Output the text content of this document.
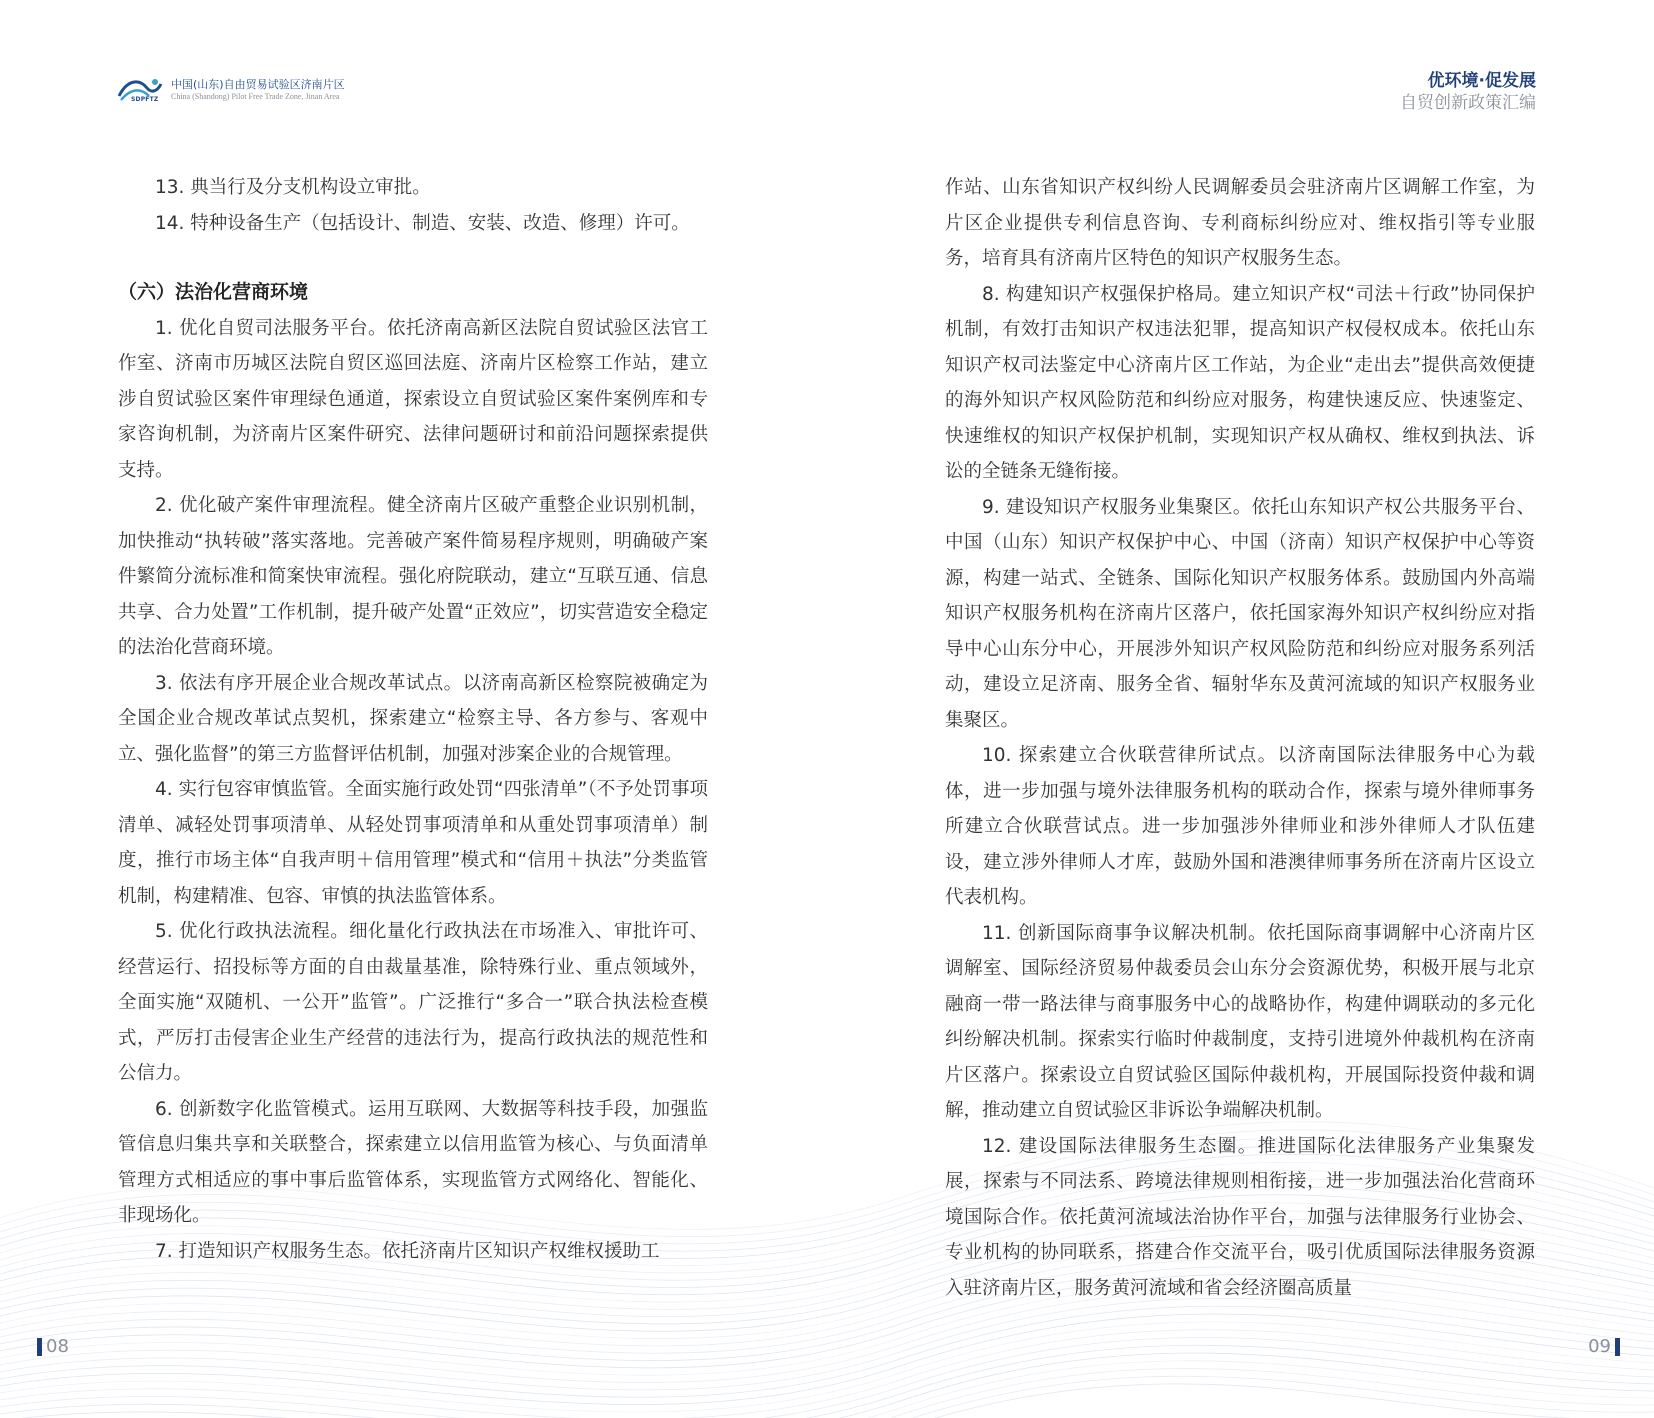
SDPFTZ
中国(山东)自由贸易试验区济南片区
China (Shandong) Pilot Free Trade Zone, Jinan Area
优环境·促发展
自贸创新政策汇编

13. 典当行及分支机构设立审批。

14. 特种设备生产（包括设计、制造、安装、改造、修理）许可。

（六）法治化营商环境

1. 优化自贸司法服务平台。依托济南高新区法院自贸试验区法官工作室、济南市历城区法院自贸区巡回法庭、济南片区检察工作站，建立涉自贸试验区案件审理绿色通道，探索设立自贸试验区案件案例库和专家咨询机制，为济南片区案件研究、法律问题研讨和前沿问题探索提供支持。

2. 优化破产案件审理流程。健全济南片区破产重整企业识别机制，加快推动“执转破”落实落地。完善破产案件简易程序规则，明确破产案件繁简分流标准和简案快审流程。强化府院联动，建立“互联互通、信息共享、合力处置”工作机制，提升破产处置“正效应”，切实营造安全稳定的法治化营商环境。

3. 依法有序开展企业合规改革试点。以济南高新区检察院被确定为全国企业合规改革试点契机，探索建立“检察主导、各方参与、客观中立、强化监督”的第三方监督评估机制，加强对涉案企业的合规管理。

4. 实行包容审慎监管。全面实施行政处罚“四张清单”（不予处罚事项清单、减轻处罚事项清单、从轻处罚事项清单和从重处罚事项清单）制度，推行市场主体“自我声明＋信用管理”模式和“信用＋执法”分类监管机制，构建精准、包容、审慎的执法监管体系。

5. 优化行政执法流程。细化量化行政执法在市场准入、审批许可、经营运行、招投标等方面的自由裁量基准，除特殊行业、重点领域外，全面实施“双随机、一公开”监管”。广泛推行“多合一”联合执法检查模式，严厉打击侵害企业生产经营的违法行为，提高行政执法的规范性和公信力。

6. 创新数字化监管模式。运用互联网、大数据等科技手段，加强监管信息归集共享和关联整合，探索建立以信用监管为核心、与负面清单管理方式相适应的事中事后监管体系，实现监管方式网络化、智能化、非现场化。

7. 打造知识产权服务生态。依托济南片区知识产权维权援助工

作站、山东省知识产权纠纷人民调解委员会驻济南片区调解工作室，为片区企业提供专利信息咨询、专利商标纠纷应对、维权指引等专业服务，培育具有济南片区特色的知识产权服务生态。

8. 构建知识产权强保护格局。建立知识产权“司法＋行政”协同保护机制，有效打击知识产权违法犯罪，提高知识产权侵权成本。依托山东知识产权司法鉴定中心济南片区工作站，为企业“走出去”提供高效便捷的海外知识产权风险防范和纠纷应对服务，构建快速反应、快速鉴定、快速维权的知识产权保护机制，实现知识产权从确权、维权到执法、诉讼的全链条无缝衔接。

9. 建设知识产权服务业集聚区。依托山东知识产权公共服务平台、中国（山东）知识产权保护中心、中国（济南）知识产权保护中心等资源，构建一站式、全链条、国际化知识产权服务体系。鼓励国内外高端知识产权服务机构在济南片区落户，依托国家海外知识产权纠纷应对指导中心山东分中心，开展涉外知识产权风险防范和纠纷应对服务系列活动，建设立足济南、服务全省、辐射华东及黄河流域的知识产权服务业集聚区。

10. 探索建立合伙联营律所试点。以济南国际法律服务中心为载体，进一步加强与境外法律服务机构的联动合作，探索与境外律师事务所建立合伙联营试点。进一步加强涉外律师业和涉外律师人才队伍建设，建立涉外律师人才库，鼓励外国和港澳律师事务所在济南片区设立代表机构。

11. 创新国际商事争议解决机制。依托国际商事调解中心济南片区调解室、国际经济贸易仲裁委员会山东分会资源优势，积极开展与北京融商一带一路法律与商事服务中心的战略协作，构建仲调联动的多元化纠纷解决机制。探索实行临时仲裁制度，支持引进境外仲裁机构在济南片区落户。探索设立自贸试验区国际仲裁机构，开展国际投资仲裁和调解，推动建立自贸试验区非诉讼争端解决机制。

12. 建设国际法律服务生态圈。推进国际化法律服务产业集聚发展，探索与不同法系、跨境法律规则相衔接，进一步加强法治化营商环境国际合作。依托黄河流域法治协作平台，加强与法律服务行业协会、专业机构的协同联系，搭建合作交流平台，吸引优质国际法律服务资源入驻济南片区，服务黄河流域和省会经济圈高质量

08	09
